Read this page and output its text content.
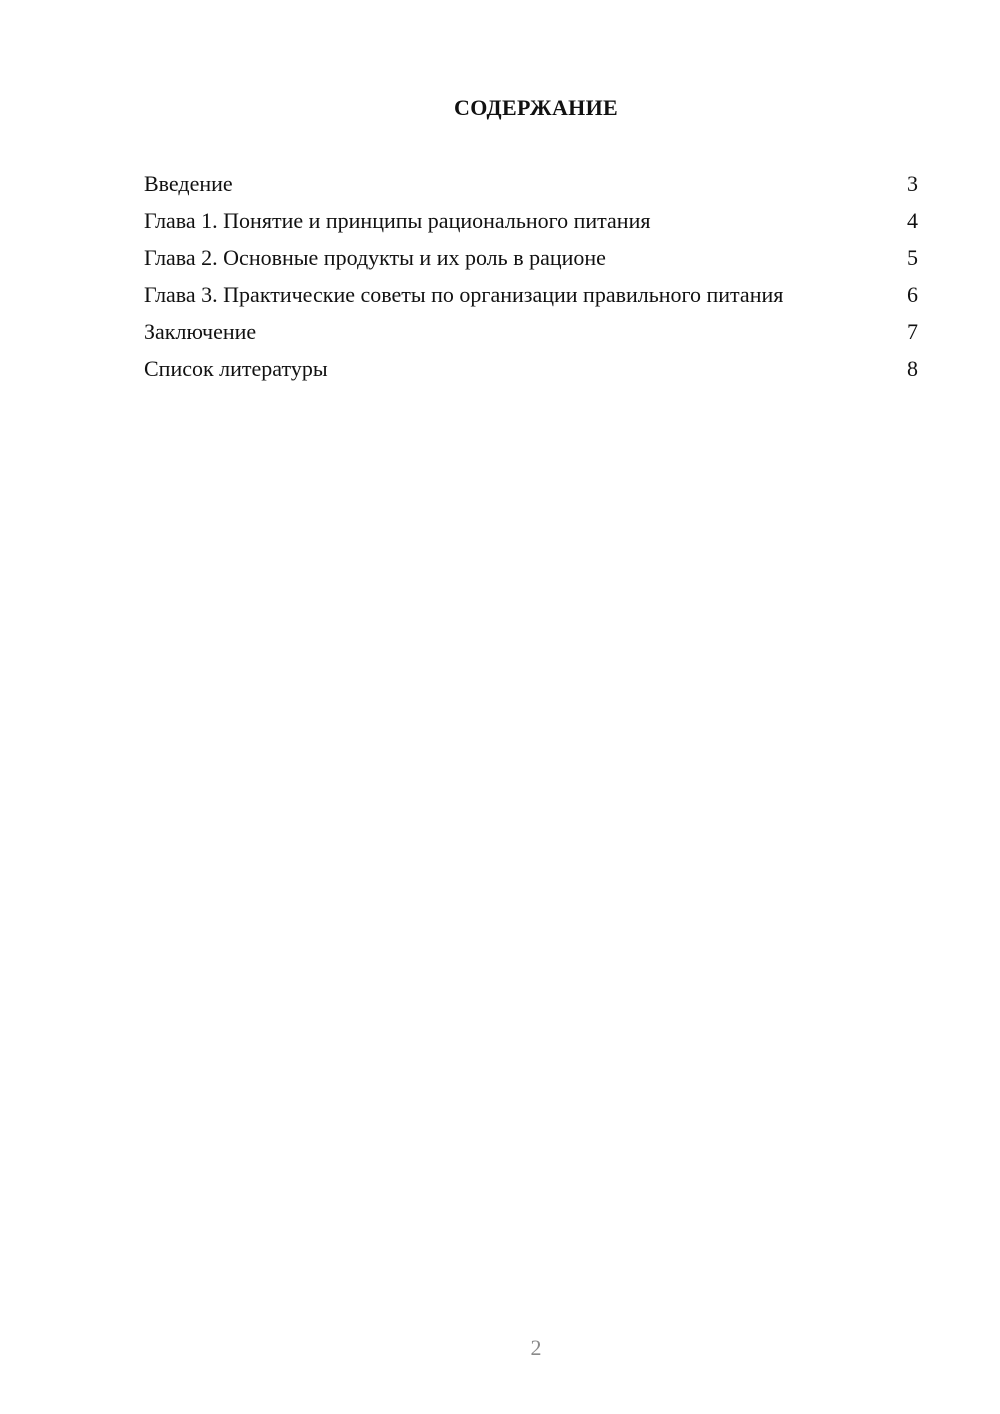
СОДЕРЖАНИЕ
Введение	3
Глава 1. Понятие и принципы рационального питания	4
Глава 2. Основные продукты и их роль в рационе	5
Глава 3. Практические советы по организации правильного питания	6
Заключение	7
Список литературы	8
2
